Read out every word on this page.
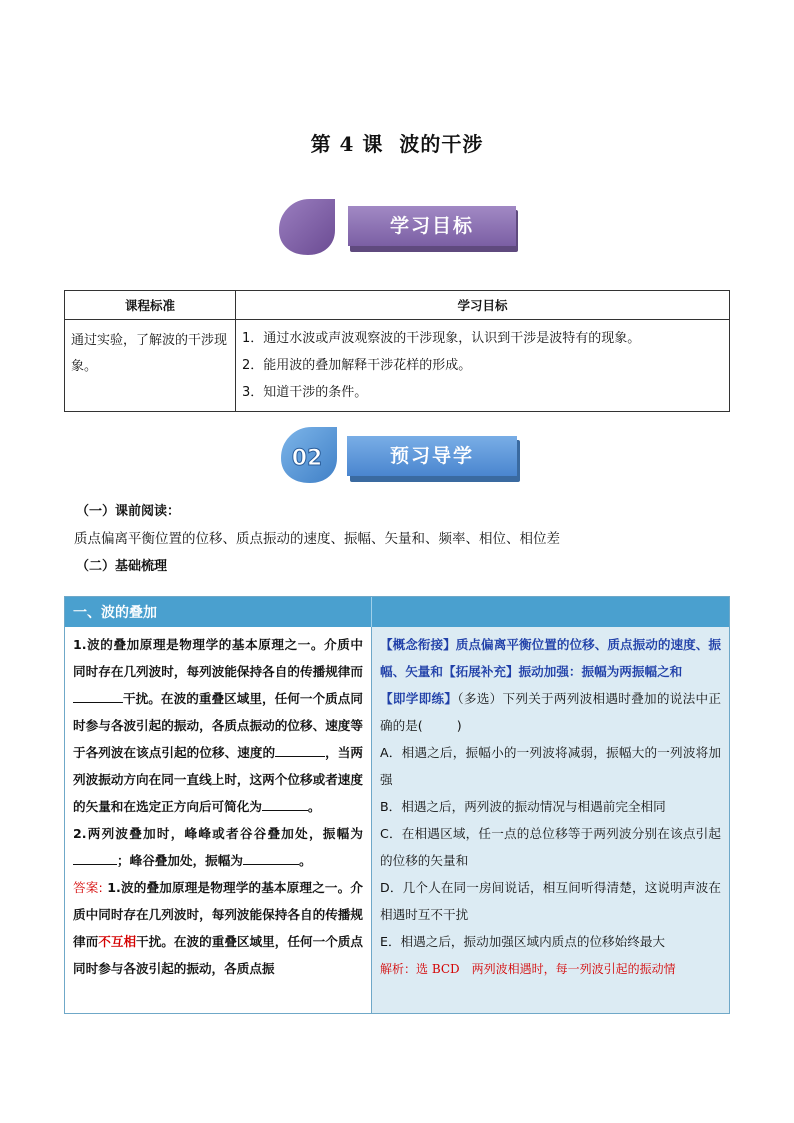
第 4 课 波的干涉
学习目标
课程标准	学习目标
通过实验，了解波的干涉现象。	1．通过水波或声波观察波的干涉现象，认识到干涉是波特有的现象。
2．能用波的叠加解释干涉花样的形成。
3．知道干涉的条件。
02	预习导学
（一）课前阅读：
质点偏离平衡位置的位移、质点振动的速度、振幅、矢量和、频率、相位、相位差
（二）基础梳理
一、波的叠加
1.波的叠加原理是物理学的基本原理之一。介质中同时存在几列波时，每列波能保持各自的传播规律而干扰。在波的重叠区域里，任何一个质点同时参与各波引起的振动，各质点振动的位移、速度等于各列波在该点引起的位移、速度的	，当两列波振动方向在同一直线上时，这两个位移或者速度的矢量和在选定正方向后可简化为	。
2.两列波叠加时，峰峰或者谷谷叠加处，振幅为；峰谷叠加处，振幅为	。
答案: 1.波的叠加原理是物理学的基本原理之一。介质中同时存在几列波时，每列波能保持各自的传播规律而不互相干扰。在波的重叠区域里，任何一个质点同时参与各波引起的振动，各质点振
【概念衔接】质点偏离平衡位置的位移、质点振动的速度、振幅、矢量和【拓展补充】振动加强：振幅为两振幅之和
【即学即练】（多选）下列关于两列波相遇时叠加的说法中正确的是(	)
A．相遇之后，振幅小的一列波将减弱，振幅大的一列波将加强
B．相遇之后，两列波的振动情况与相遇前完全相同
C．在相遇区域，任一点的总位移等于两列波分别在该点引起的位移的矢量和
D．几个人在同一房间说话，相互间听得清楚，这说明声波在相遇时互不干扰
E．相遇之后，振动加强区域内质点的位移始终最大
解析：选 BCD　两列波相遇时，每一列波引起的振动情
